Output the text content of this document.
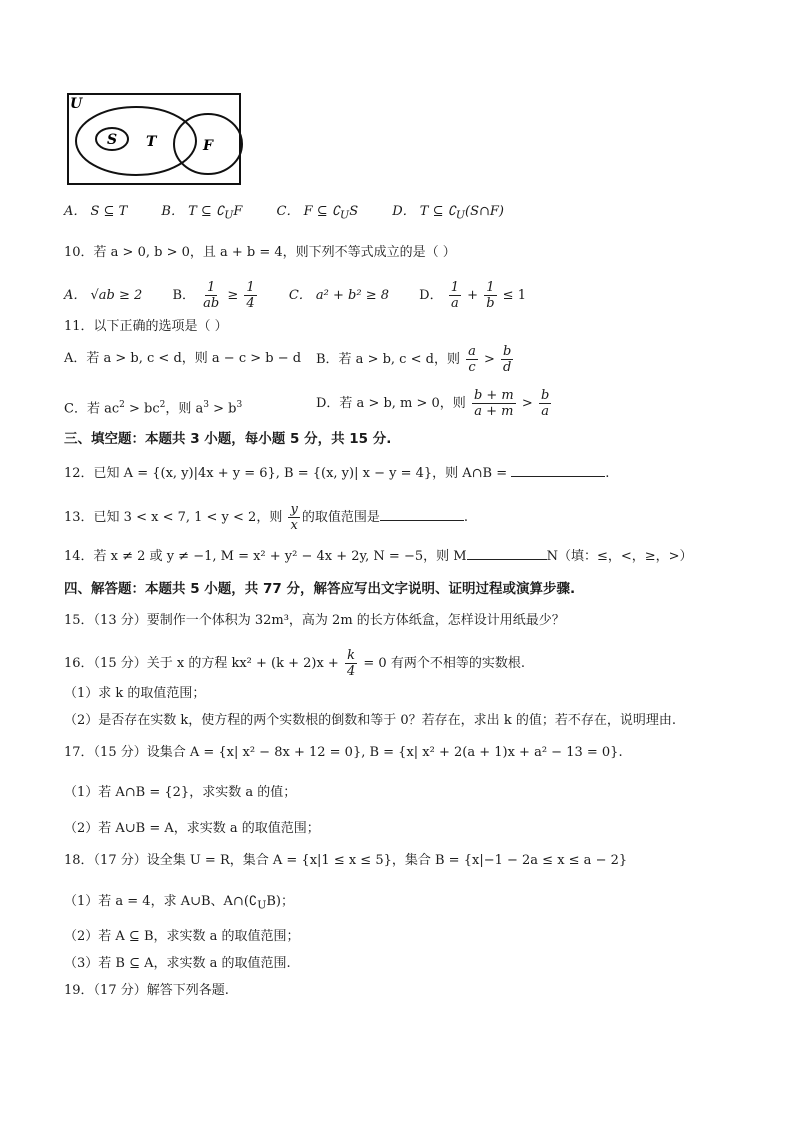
U
S T	F
A． S ⊆ T	B． T ⊆ $∁_UF$	C． F ⊆ $∁_US$	D． T ⊆ $∁_U(S\cap F)$
10．若 a > 0, b > 0，且 a + b = 4，则下列不等式成立的是（ ）
A． √ab ≥ 2 B． $\frac{1}{ab} \ge \frac{1}{4}$ C． a² + b² ≥ 8 D． $\frac{1}{a} + \frac{1}{b} \le 1$
11．以下正确的选项是（ ）
A．若 a > b, c < d，则 a − c > b − d B．若 a > b, c < d，则 $\frac{a}{c} > \frac{b}{d}$
C．若 $ac^2 > bc^2$，则 $a^3 > b^3$	D．若 a > b, m > 0，则 $\frac{b + m}{a + m} > \frac{b}{a}$
三、填空题：本题共 3 小题，每小题 5 分，共 15 分.
12．已知 A = {(x, y)|4x + y = 6}, B = {(x, y)| x − y = 4}，则 A∩B =	.
13．已知 3 < x < 7, 1 < y < 2，则 $\frac{y}{x}$ 的取值范围是	.
14．若 x ≠ 2 或 y ≠ −1, M = x² + y² − 4x + 2y, N = −5，则 M	N（填：≤，<，≥，>）
四、解答题：本题共 5 小题，共 77 分，解答应写出文字说明、证明过程或演算步骤.
15．（13 分）要制作一个体积为 32m³，高为 2m 的长方体纸盒，怎样设计用纸最少？
16．（15 分）关于 x 的方程 $kx^2 + (k + 2)x + \frac{k}{4} = 0$ 有两个不相等的实数根.
（1）求 k 的取值范围；
（2）是否存在实数 k，使方程的两个实数根的倒数和等于 0？若存在，求出 k 的值；若不存在，说明理由.
17．（15 分）设集合 A = {x| x² − 8x + 12 = 0}, B = {x| x² + 2(a + 1)x + a² − 13 = 0}.
（1）若 A∩B = {2}，求实数 a 的值；
（2）若 A∪B = A，求实数 a 的取值范围；
18．（17 分）设全集 U = R，集合 A = {x|1 ≤ x ≤ 5}，集合 B = {x|−1 − 2a ≤ x ≤ a − 2}
（1）若 a = 4，求 A∪B、$A\cap(∁_UB)$；
（2）若 A ⊆ B，求实数 a 的取值范围；
（3）若 B ⊆ A，求实数 a 的取值范围.
19．（17 分）解答下列各题.
